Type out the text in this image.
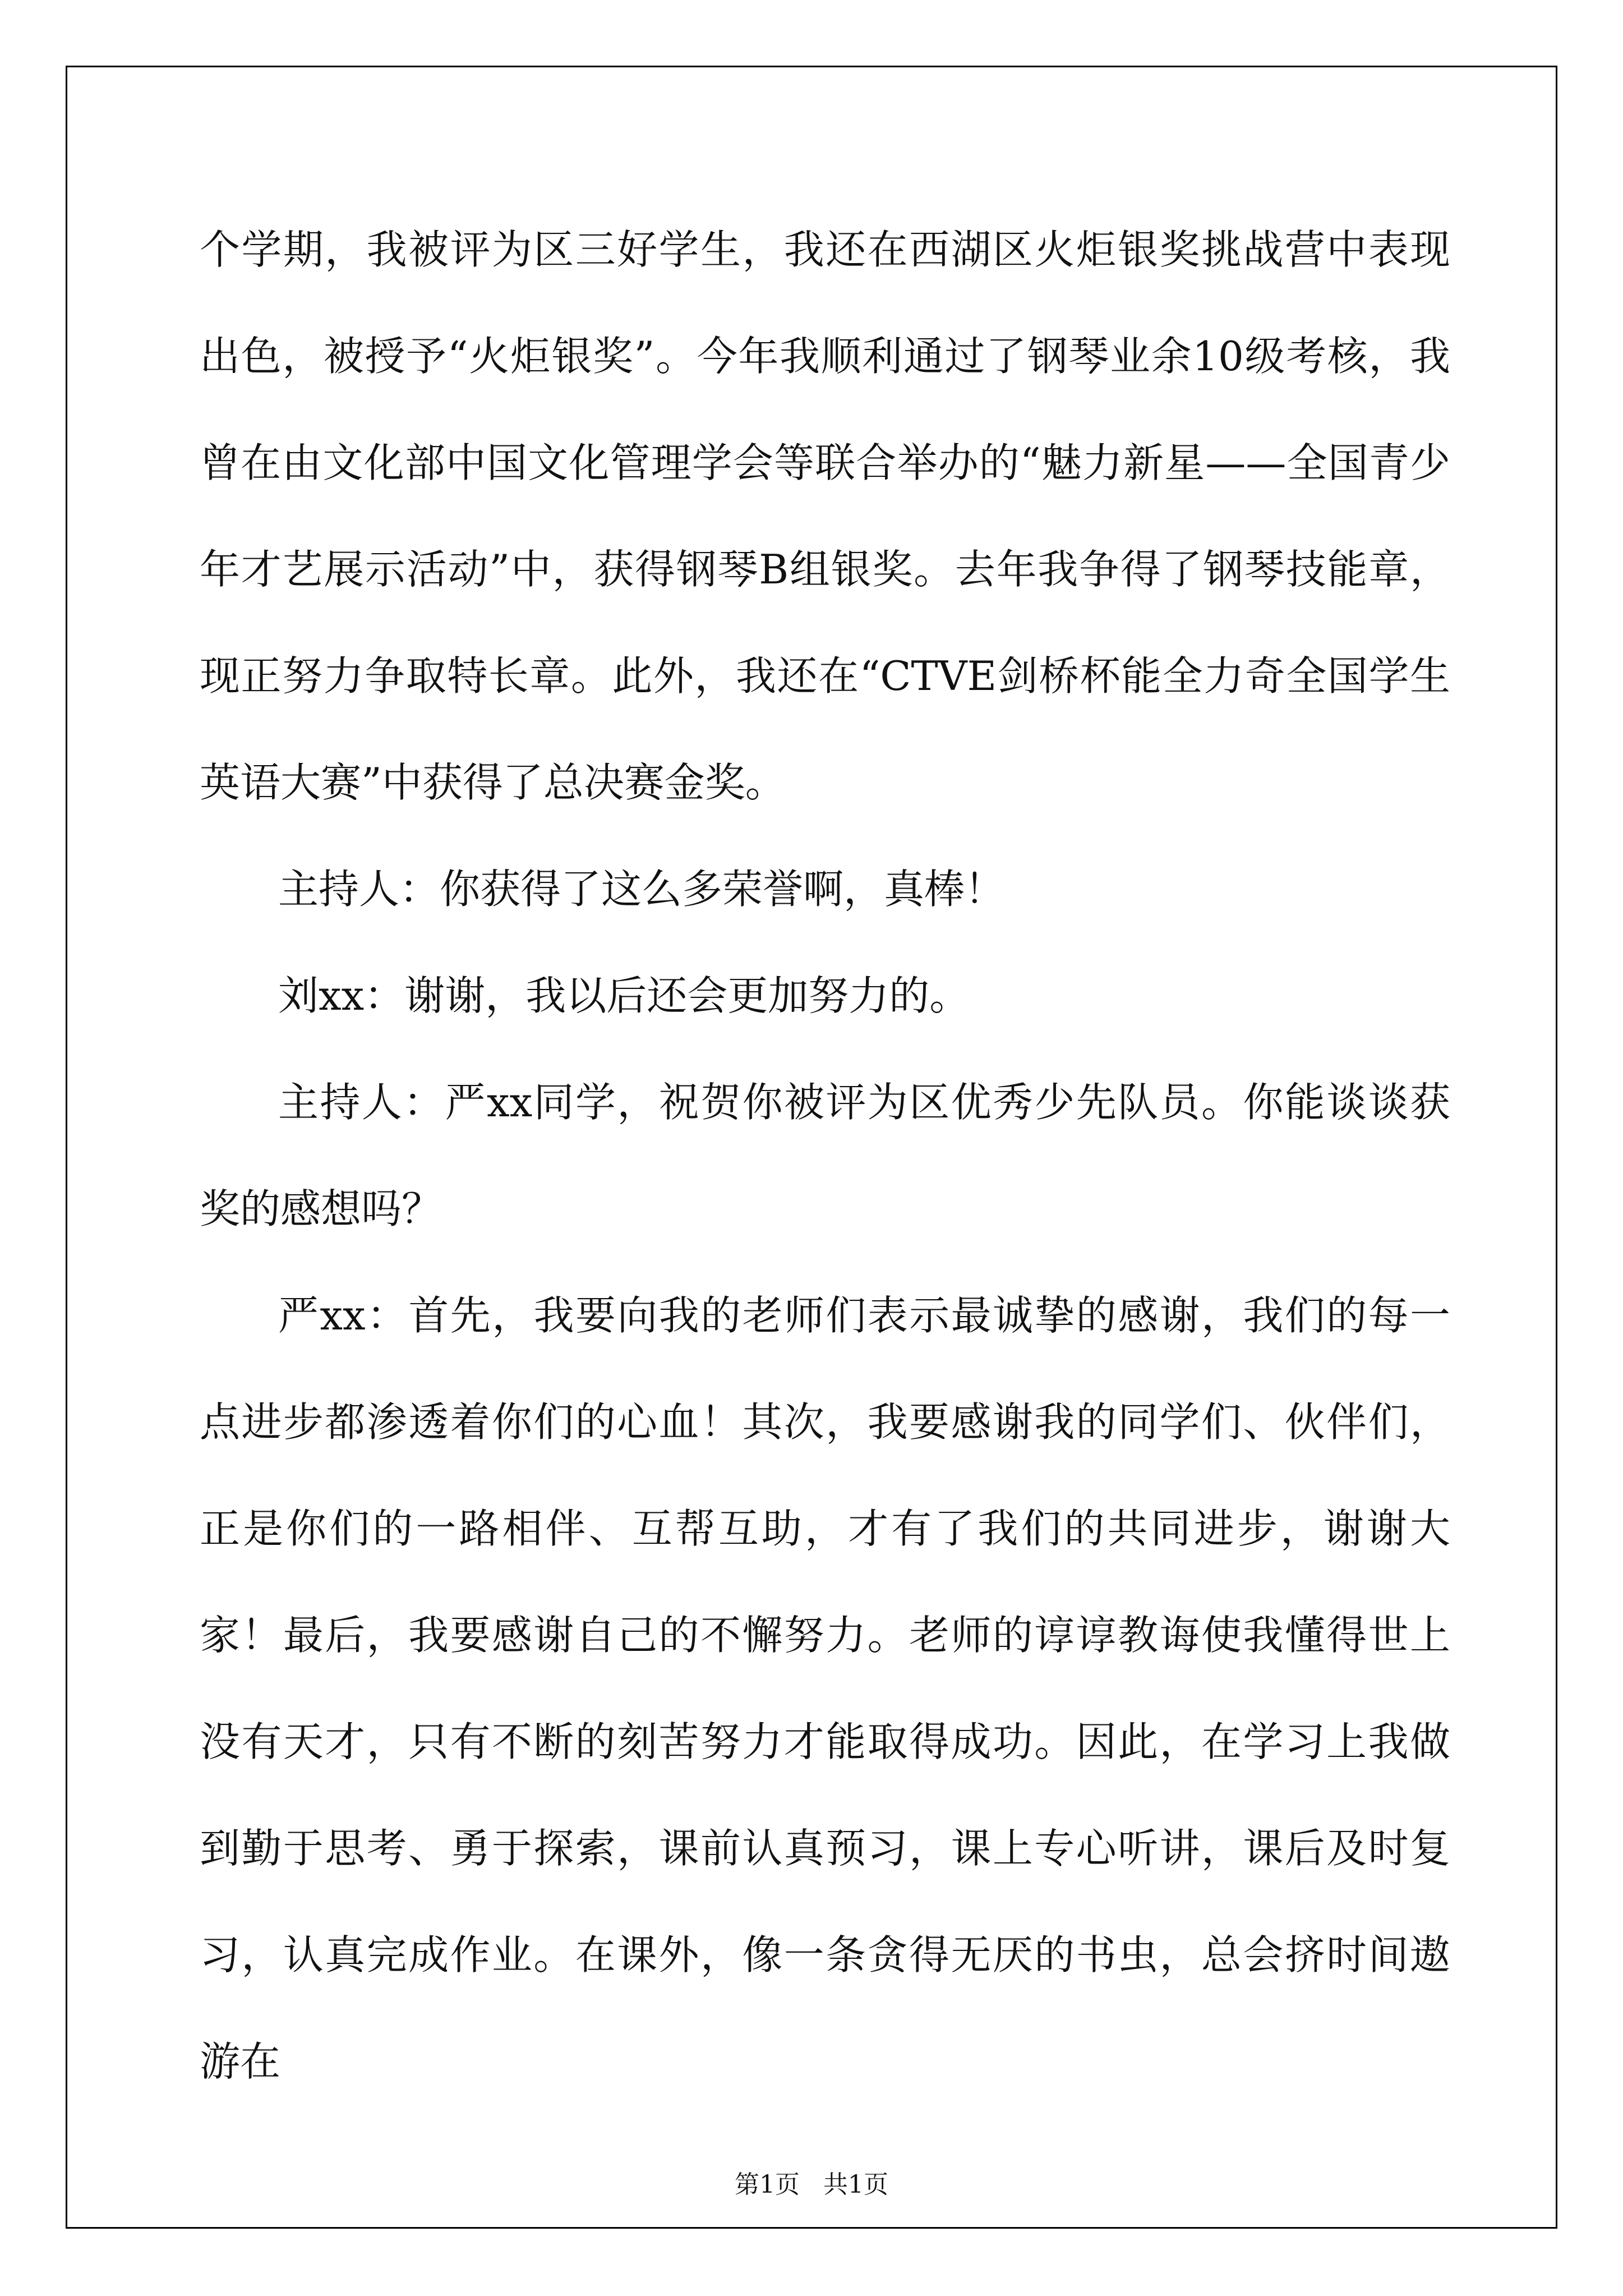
个学期，我被评为区三好学生，我还在西湖区火炬银奖挑战营中表现出色，被授予“火炬银奖”。今年我顺利通过了钢琴业余10级考核，我曾在由文化部中国文化管理学会等联合举办的“魅力新星——全国青少年才艺展示活动”中，获得钢琴B组银奖。去年我争得了钢琴技能章，现正努力争取特长章。此外，我还在“CTVE剑桥杯能全力奇全国学生英语大赛”中获得了总决赛金奖。

主持人：你获得了这么多荣誉啊，真棒！

刘xx：谢谢，我以后还会更加努力的。

主持人：严xx同学，祝贺你被评为区优秀少先队员。你能谈谈获奖的感想吗？

严xx：首先，我要向我的老师们表示最诚挚的感谢，我们的每一点进步都渗透着你们的心血！其次，我要感谢我的同学们、伙伴们，正是你们的一路相伴、互帮互助，才有了我们的共同进步，谢谢大家！最后，我要感谢自己的不懈努力。老师的谆谆教诲使我懂得世上没有天才，只有不断的刻苦努力才能取得成功。因此，在学习上我做到勤于思考、勇于探索，课前认真预习，课上专心听讲，课后及时复习，认真完成作业。在课外，像一条贪得无厌的书虫，总会挤时间遨游在

第1页   共1页
